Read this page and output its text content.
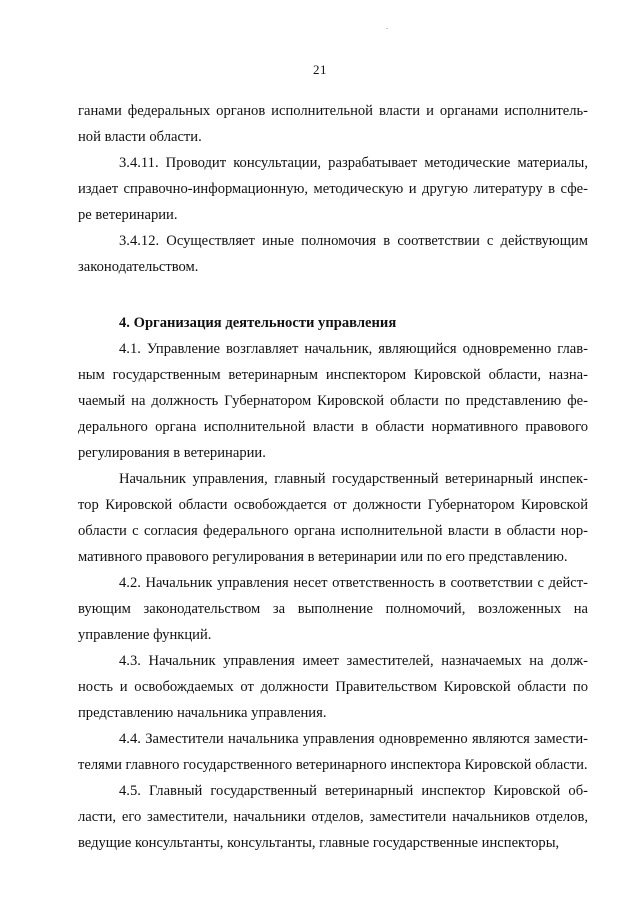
21

ганами федеральных органов исполнительной власти и органами исполнитель-ной власти области.

3.4.11. Проводит консультации, разрабатывает методические материалы, издает справочно-информационную, методическую и другую литературу в сфе-ре ветеринарии.

3.4.12. Осуществляет иные полномочия в соответствии с действующим законодательством.

4. Организация деятельности управления

4.1. Управление возглавляет начальник, являющийся одновременно глав-ным государственным ветеринарным инспектором Кировской области, назна-чаемый на должность Губернатором Кировской области по представлению фе-дерального органа исполнительной власти в области нормативного правового регулирования в ветеринарии.

Начальник управления, главный государственный ветеринарный инспек-тор Кировской области освобождается от должности Губернатором Кировской области с согласия федерального органа исполнительной власти в области нор-мативного правового регулирования в ветеринарии или по его представлению.

4.2. Начальник управления несет ответственность в соответствии с дейст-вующим законодательством за выполнение полномочий, возложенных на управление функций.

4.3. Начальник управления имеет заместителей, назначаемых на долж-ность и освобождаемых от должности Правительством Кировской области по представлению начальника управления.

4.4. Заместители начальника управления одновременно являются замести-телями главного государственного ветеринарного инспектора Кировской области.

4.5. Главный государственный ветеринарный инспектор Кировской об-ласти, его заместители, начальники отделов, заместители начальников отделов, ведущие консультанты, консультанты, главные государственные инспекторы,
